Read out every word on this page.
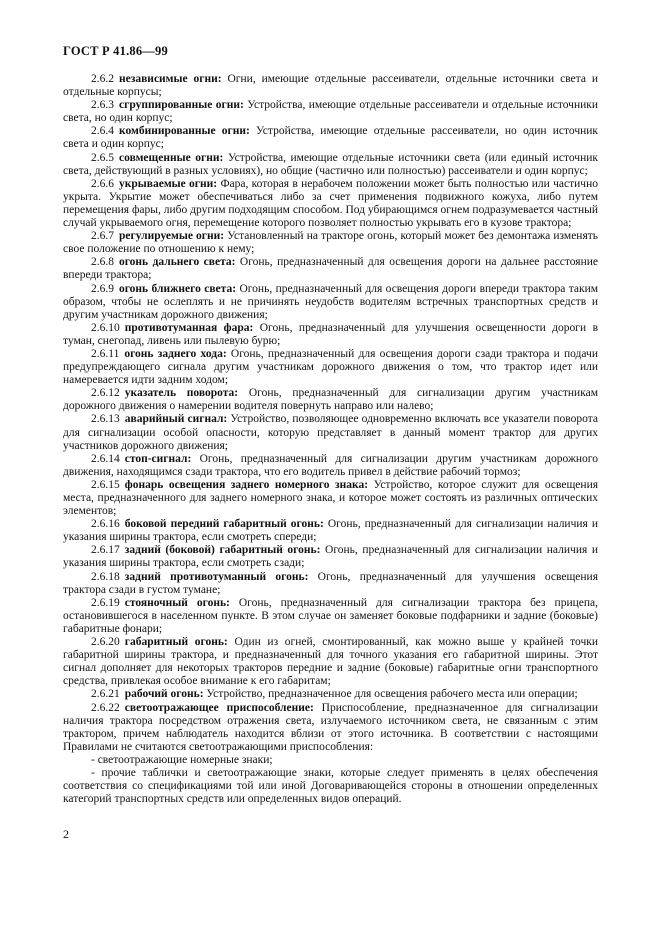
ГОСТ Р 41.86—99

2.6.2 независимые огни: Огни, имеющие отдельные рассеиватели, отдельные источники света и отдельные корпусы;

2.6.3 сгруппированные огни: Устройства, имеющие отдельные рассеиватели и отдельные источники света, но один корпус;

2.6.4 комбинированные огни: Устройства, имеющие отдельные рассеиватели, но один источник света и один корпус;

2.6.5 совмещенные огни: Устройства, имеющие отдельные источники света (или единый источник света, действующий в разных условиях), но общие (частично или полностью) рассеиватели и один корпус;

2.6.6 укрываемые огни: Фара, которая в нерабочем положении может быть полностью или частично укрыта. Укрытие может обеспечиваться либо за счет применения подвижного кожуха, либо путем перемещения фары, либо другим подходящим способом. Под убирающимся огнем подразумевается частный случай укрываемого огня, перемещение которого позволяет полностью укрывать его в кузове трактора;

2.6.7 регулируемые огни: Установленный на тракторе огонь, который может без демонтажа изменять свое положение по отношению к нему;

2.6.8 огонь дальнего света: Огонь, предназначенный для освещения дороги на дальнее расстояние впереди трактора;

2.6.9 огонь ближнего света: Огонь, предназначенный для освещения дороги впереди трактора таким образом, чтобы не ослеплять и не причинять неудобств водителям встречных транспортных средств и другим участникам дорожного движения;

2.6.10 противотуманная фара: Огонь, предназначенный для улучшения освещенности дороги в туман, снегопад, ливень или пылевую бурю;

2.6.11 огонь заднего хода: Огонь, предназначенный для освещения дороги сзади трактора и подачи предупреждающего сигнала другим участникам дорожного движения о том, что трактор идет или намеревается идти задним ходом;

2.6.12 указатель поворота: Огонь, предназначенный для сигнализации другим участникам дорожного движения о намерении водителя повернуть направо или налево;

2.6.13 аварийный сигнал: Устройство, позволяющее одновременно включать все указатели поворота для сигнализации особой опасности, которую представляет в данный момент трактор для других участников дорожного движения;

2.6.14 стоп-сигнал: Огонь, предназначенный для сигнализации другим участникам дорожного движения, находящимся сзади трактора, что его водитель привел в действие рабочий тормоз;

2.6.15 фонарь освещения заднего номерного знака: Устройство, которое служит для освещения места, предназначенного для заднего номерного знака, и которое может состоять из различных оптических элементов;

2.6.16 боковой передний габаритный огонь: Огонь, предназначенный для сигнализации наличия и указания ширины трактора, если смотреть спереди;

2.6.17 задний (боковой) габаритный огонь: Огонь, предназначенный для сигнализации наличия и указания ширины трактора, если смотреть сзади;

2.6.18 задний противотуманный огонь: Огонь, предназначенный для улучшения освещения трактора сзади в густом тумане;

2.6.19 стояночный огонь: Огонь, предназначенный для сигнализации трактора без прицепа, остановившегося в населенном пункте. В этом случае он заменяет боковые подфарники и задние (боковые) габаритные фонари;

2.6.20 габаритный огонь: Один из огней, смонтированный, как можно выше у крайней точки габаритной ширины трактора, и предназначенный для точного указания его габаритной ширины. Этот сигнал дополняет для некоторых тракторов передние и задние (боковые) габаритные огни транспортного средства, привлекая особое внимание к его габаритам;

2.6.21 рабочий огонь: Устройство, предназначенное для освещения рабочего места или операции;

2.6.22 светоотражающее приспособление: Приспособление, предназначенное для сигнализации наличия трактора посредством отражения света, излучаемого источником света, не связанным с этим трактором, причем наблюдатель находится вблизи от этого источника. В соответствии с настоящими Правилами не считаются светоотражающими приспособления:

- светоотражающие номерные знаки;

- прочие таблички и светоотражающие знаки, которые следует применять в целях обеспечения соответствия со спецификациями той или иной Договаривающейся стороны в отношении определенных категорий транспортных средств или определенных видов операций.

2
